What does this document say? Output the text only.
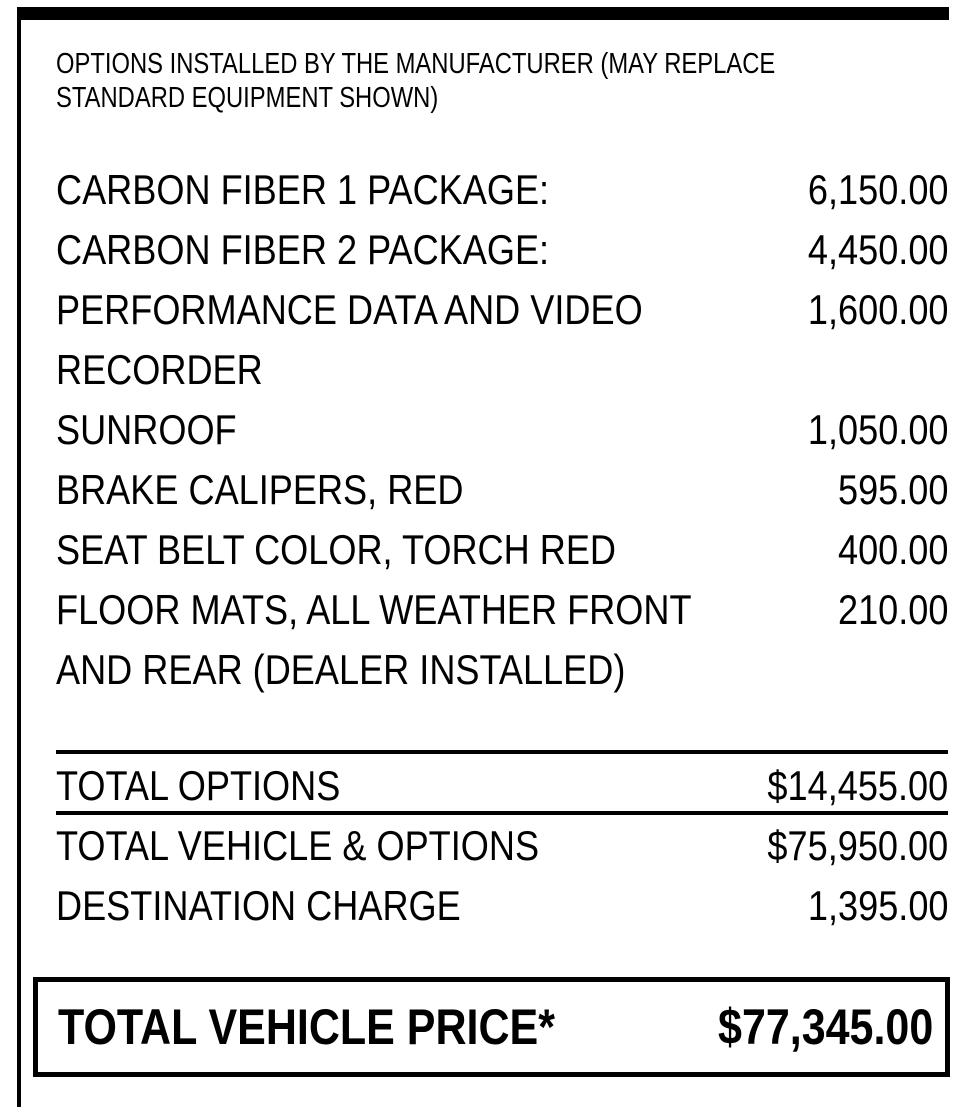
OPTIONS INSTALLED BY THE MANUFACTURER (MAY REPLACE
STANDARD EQUIPMENT SHOWN)
CARBON FIBER 1 PACKAGE:	6,150.00
CARBON FIBER 2 PACKAGE:	4,450.00
PERFORMANCE DATA AND VIDEO	1,600.00
RECORDER
SUNROOF	1,050.00
BRAKE CALIPERS, RED	595.00
SEAT BELT COLOR, TORCH RED	400.00
FLOOR MATS, ALL WEATHER FRONT	210.00
AND REAR (DEALER INSTALLED)
TOTAL OPTIONS	$14,455.00
TOTAL VEHICLE & OPTIONS	$75,950.00
DESTINATION CHARGE	1,395.00
TOTAL VEHICLE PRICE*	$77,345.00
